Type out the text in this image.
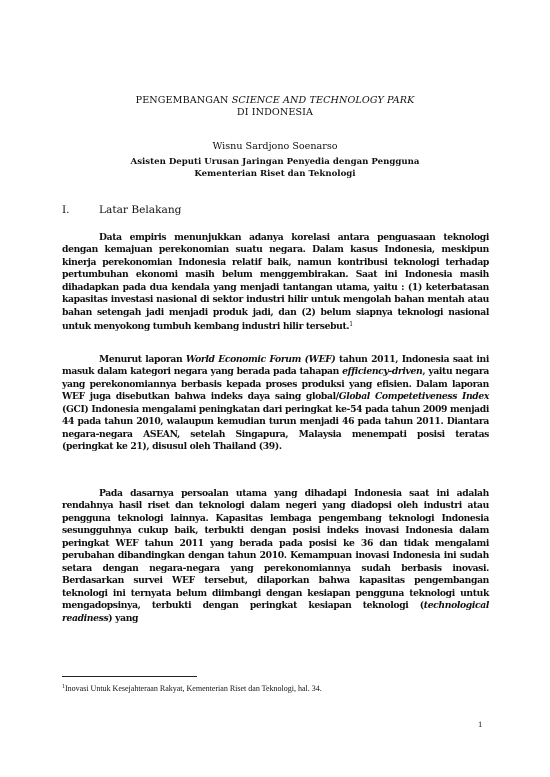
PENGEMBANGAN SCIENCE AND TECHNOLOGY PARK
DI INDONESIA
Wisnu Sardjono Soenarso
Asisten Deputi Urusan Jaringan Penyedia dengan Pengguna
Kementerian Riset dan Teknologi
I.	Latar Belakang

Data empiris menunjukkan adanya korelasi antara penguasaan teknologi dengan kemajuan perekonomian suatu negara. Dalam kasus Indonesia, meskipun kinerja perekonomian Indonesia relatif baik, namun kontribusi teknologi terhadap pertumbuhan ekonomi masih belum menggembirakan. Saat ini Indonesia masih dihadapkan pada dua kendala yang menjadi tantangan utama, yaitu : (1) keterbatasan kapasitas investasi nasional di sektor industri hilir untuk mengolah bahan mentah atau bahan setengah jadi menjadi produk jadi, dan (2) belum siapnya teknologi nasional untuk menyokong tumbuh kembang industri hilir tersebut.$^1$

Menurut laporan World Economic Forum (WEF) tahun 2011, Indonesia saat ini masuk dalam kategori negara yang berada pada tahapan efficiency-driven, yaitu negara yang perekonomiannya berbasis kepada proses produksi yang efisien. Dalam laporan WEF juga disebutkan bahwa indeks daya saing global/Global Competetiveness Index (GCI) Indonesia mengalami peningkatan dari peringkat ke-54 pada tahun 2009 menjadi 44 pada tahun 2010, walaupun kemudian turun menjadi 46 pada tahun 2011. Diantara negara-negara ASEAN, setelah Singapura, Malaysia menempati posisi teratas (peringkat ke 21), disusul oleh Thailand (39).

Pada dasarnya persoalan utama yang dihadapi Indonesia saat ini adalah rendahnya hasil riset dan teknologi dalam negeri yang diadopsi oleh industri atau pengguna teknologi lainnya. Kapasitas lembaga pengembang teknologi Indonesia sesungguhnya cukup baik, terbukti dengan posisi indeks inovasi Indonesia dalam peringkat WEF tahun 2011 yang berada pada posisi ke 36 dan tidak mengalami perubahan dibandingkan dengan tahun 2010. Kemampuan inovasi Indonesia ini sudah setara dengan negara-negara yang perekonomiannya sudah berbasis inovasi. Berdasarkan survei WEF tersebut, dilaporkan bahwa kapasitas pengembangan teknologi ini ternyata belum diimbangi dengan kesiapan pengguna teknologi untuk mengadopsinya, terbukti dengan peringkat kesiapan teknologi (technological readiness) yang

$^1$Inovasi Untuk Kesejahteraan Rakyat, Kementerian Riset dan Teknologi, hal. 34.
1
